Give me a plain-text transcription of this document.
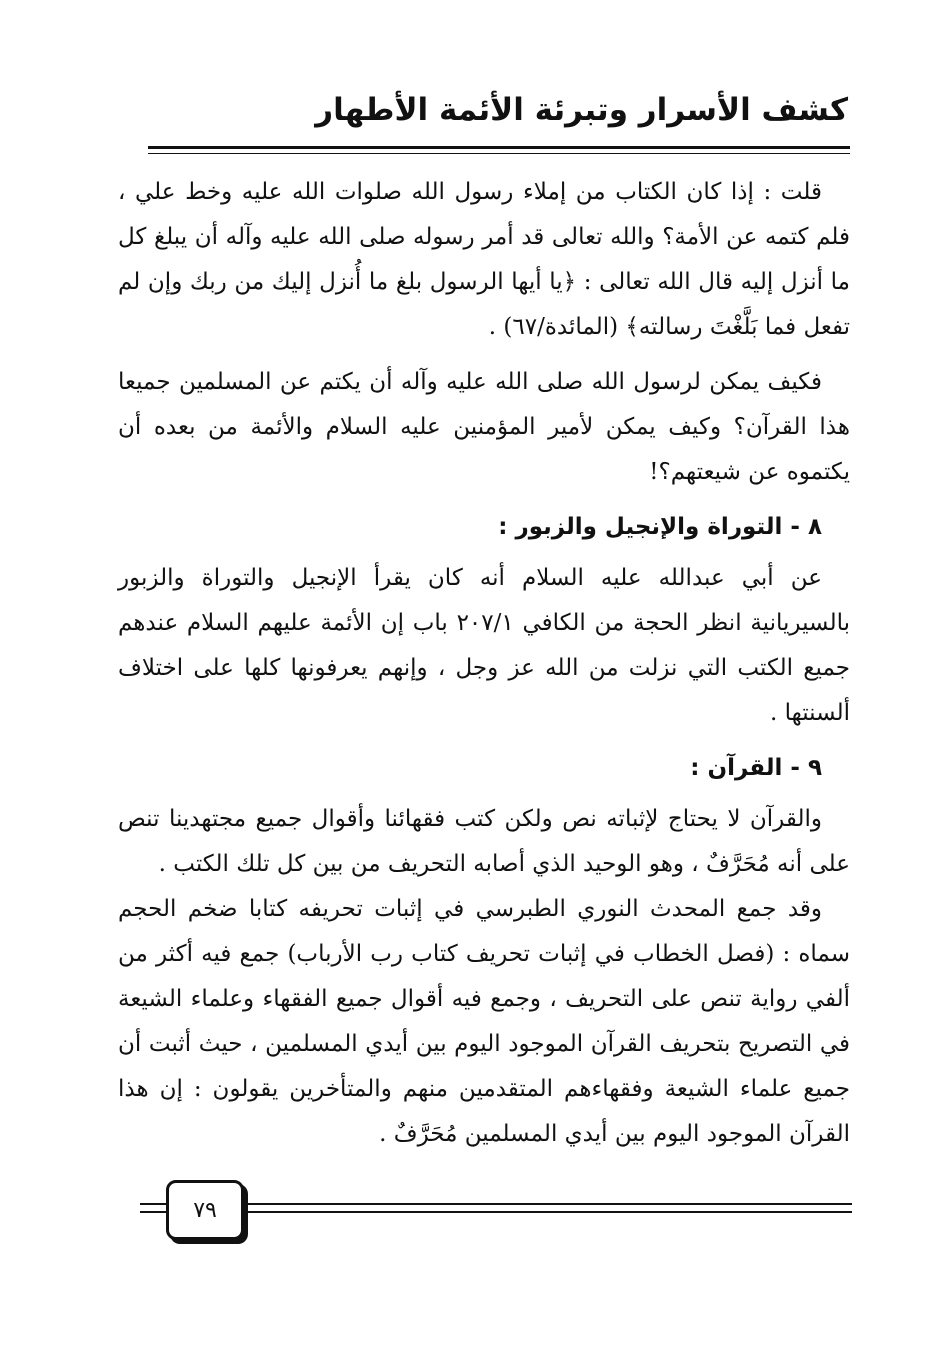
كشف الأسرار وتبرئة الأئمة الأطهار

قلت : إذا كان الكتاب من إملاء رسول الله صلوات الله عليه وخط علي ، فلم كتمه عن الأمة؟ والله تعالى قد أمر رسوله صلى الله عليه وآله أن يبلغ كل ما أنزل إليه قال الله تعالى : ﴿يا أيها الرسول بلغ ما أُنزل إليك من ربك وإن لم تفعل فما بَلَّغْتَ رسالته﴾ (المائدة/٦٧) .

فكيف يمكن لرسول الله صلى الله عليه وآله أن يكتم عن المسلمين جميعا هذا القرآن؟ وكيف يمكن لأمير المؤمنين عليه السلام والأئمة من بعده أن يكتموه عن شيعتهم؟!

٨ - التوراة والإنجيل والزبور :

عن أبي عبدالله عليه السلام أنه كان يقرأ الإنجيل والتوراة والزبور بالسيريانية انظر الحجة من الكافي ٢٠٧/١ باب إن الأئمة عليهم السلام عندهم جميع الكتب التي نزلت من الله عز وجل ، وإنهم يعرفونها كلها على اختلاف ألسنتها .

٩ - القرآن :

والقرآن لا يحتاج لإثباته نص ولكن كتب فقهائنا وأقوال جميع مجتهدينا تنص على أنه مُحَرَّفٌ ، وهو الوحيد الذي أصابه التحريف من بين كل تلك الكتب .

وقد جمع المحدث النوري الطبرسي في إثبات تحريفه كتابا ضخم الحجم سماه : (فصل الخطاب في إثبات تحريف كتاب رب الأرباب) جمع فيه أكثر من ألفي رواية تنص على التحريف ، وجمع فيه أقوال جميع الفقهاء وعلماء الشيعة في التصريح بتحريف القرآن الموجود اليوم بين أيدي المسلمين ، حيث أثبت أن جميع علماء الشيعة وفقهاءهم المتقدمين منهم والمتأخرين يقولون : إن هذا القرآن الموجود اليوم بين أيدي المسلمين مُحَرَّفٌ .

٧٩
